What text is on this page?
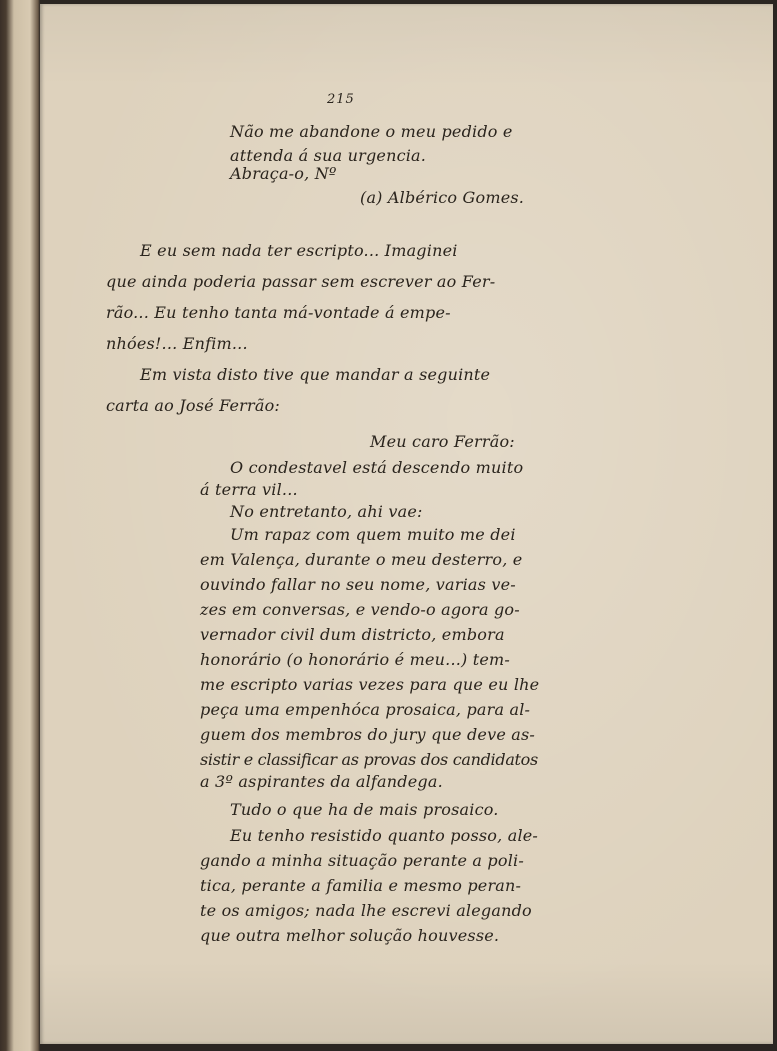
215
Não me abandone o meu pedido e
attenda á sua urgencia.
Abraça-o, Nº
(a) Albérico Gomes.
E eu sem nada ter escripto... Imaginei
que ainda poderia passar sem escrever ao Fer-
rão... Eu tenho tanta má-vontade á empe-
nhóes!... Enfim...
Em vista disto tive que mandar a seguinte
carta ao José Ferrão:
Meu caro Ferrão:
O condestavel está descendo muito
á terra vil...
No entretanto, ahi vae:
Um rapaz com quem muito me dei
em Valença, durante o meu desterro, e
ouvindo fallar no seu nome, varias ve-
zes em conversas, e vendo-o agora go-
vernador civil dum districto, embora
honorário (o honorário é meu...) tem-
me escripto varias vezes para que eu lhe
peça uma empenhóca prosaica, para al-
guem dos membros do jury que deve as-
sistir e classificar as provas dos candidatos
a 3º aspirantes da alfandega.
Tudo o que ha de mais prosaico.
Eu tenho resistido quanto posso, ale-
gando a minha situação perante a poli-
tica, perante a familia e mesmo peran-
te os amigos; nada lhe escrevi alegando
que outra melhor solução houvesse.
